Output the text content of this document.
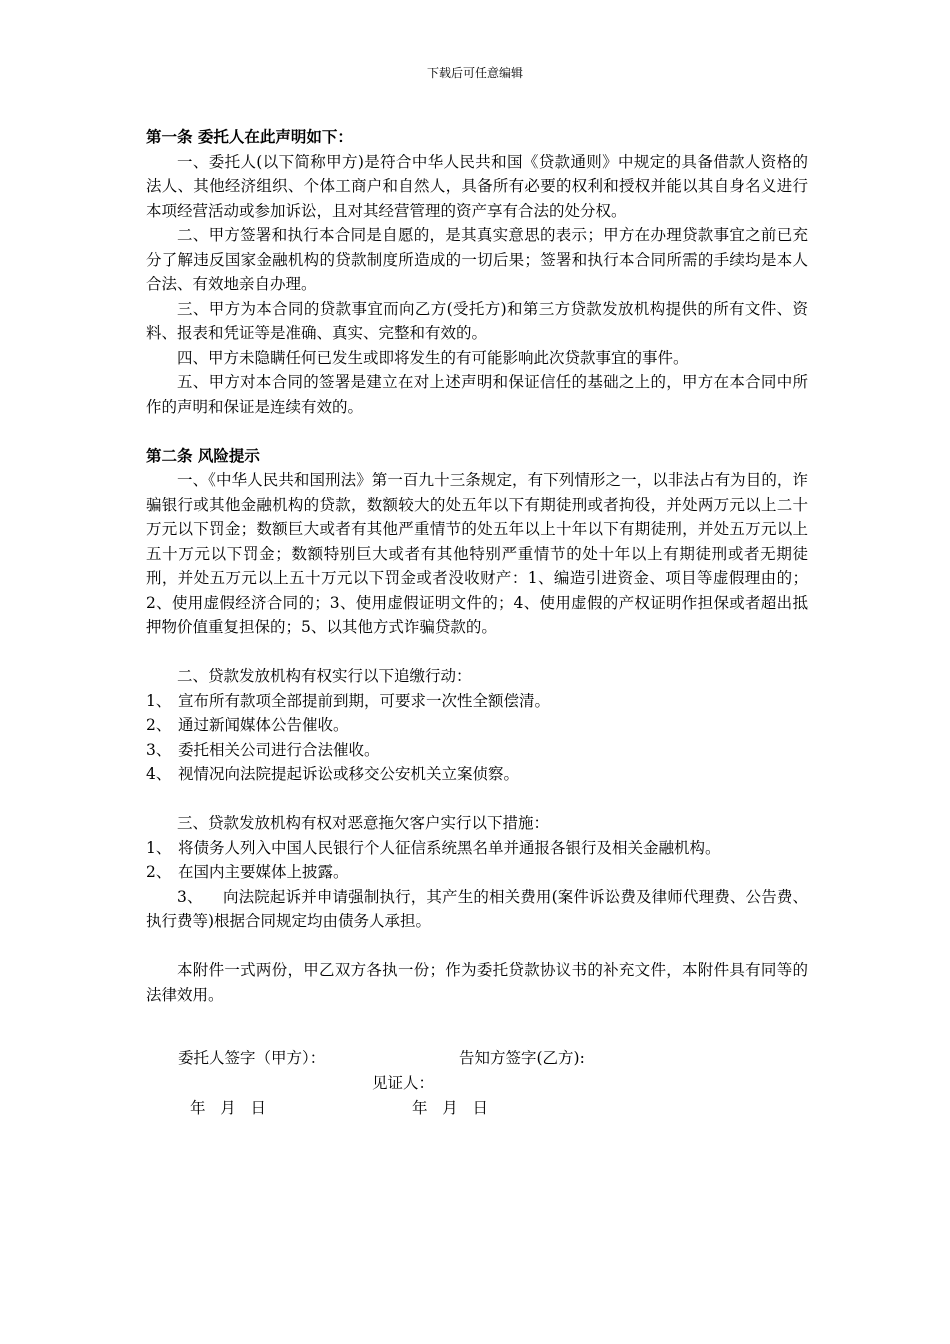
下载后可任意编辑

第一条 委托人在此声明如下：

一、委托人(以下简称甲方)是符合中华人民共和国《贷款通则》中规定的具备借款人资格的法人、其他经济组织、个体工商户和自然人，具备所有必要的权利和授权并能以其自身名义进行本项经营活动或参加诉讼，且对其经营管理的资产享有合法的处分权。

二、甲方签署和执行本合同是自愿的，是其真实意思的表示；甲方在办理贷款事宜之前已充分了解违反国家金融机构的贷款制度所造成的一切后果；签署和执行本合同所需的手续均是本人合法、有效地亲自办理。

三、甲方为本合同的贷款事宜而向乙方(受托方)和第三方贷款发放机构提供的所有文件、资料、报表和凭证等是准确、真实、完整和有效的。

四、甲方未隐瞒任何已发生或即将发生的有可能影响此次贷款事宜的事件。

五、甲方对本合同的签署是建立在对上述声明和保证信任的基础之上的，甲方在本合同中所作的声明和保证是连续有效的。

第二条 风险提示

一、《中华人民共和国刑法》第一百九十三条规定，有下列情形之一，以非法占有为目的，诈骗银行或其他金融机构的贷款，数额较大的处五年以下有期徒刑或者拘役，并处两万元以上二十万元以下罚金；数额巨大或者有其他严重情节的处五年以上十年以下有期徒刑，并处五万元以上五十万元以下罚金；数额特别巨大或者有其他特别严重情节的处十年以上有期徒刑或者无期徒刑，并处五万元以上五十万元以下罚金或者没收财产：1、编造引进资金、项目等虚假理由的；2、使用虚假经济合同的；3、使用虚假证明文件的；4、使用虚假的产权证明作担保或者超出抵押物价值重复担保的；5、以其他方式诈骗贷款的。

二、贷款发放机构有权实行以下追缴行动：

1、 宣布所有款项全部提前到期，可要求一次性全额偿清。

2、 通过新闻媒体公告催收。

3、 委托相关公司进行合法催收。

4、 视情况向法院提起诉讼或移交公安机关立案侦察。

三、贷款发放机构有权对恶意拖欠客户实行以下措施：

1、 将债务人列入中国人民银行个人征信系统黑名单并通报各银行及相关金融机构。

2、 在国内主要媒体上披露。

3、 向法院起诉并申请强制执行，其产生的相关费用(案件诉讼费及律师代理费、公告费、执行费等)根据合同规定均由债务人承担。

本附件一式两份，甲乙双方各执一份；作为委托贷款协议书的补充文件，本附件具有同等的法律效用。

委托人签字（甲方）：	告知方签字(乙方):
见证人：
年   月   日	年   月   日
